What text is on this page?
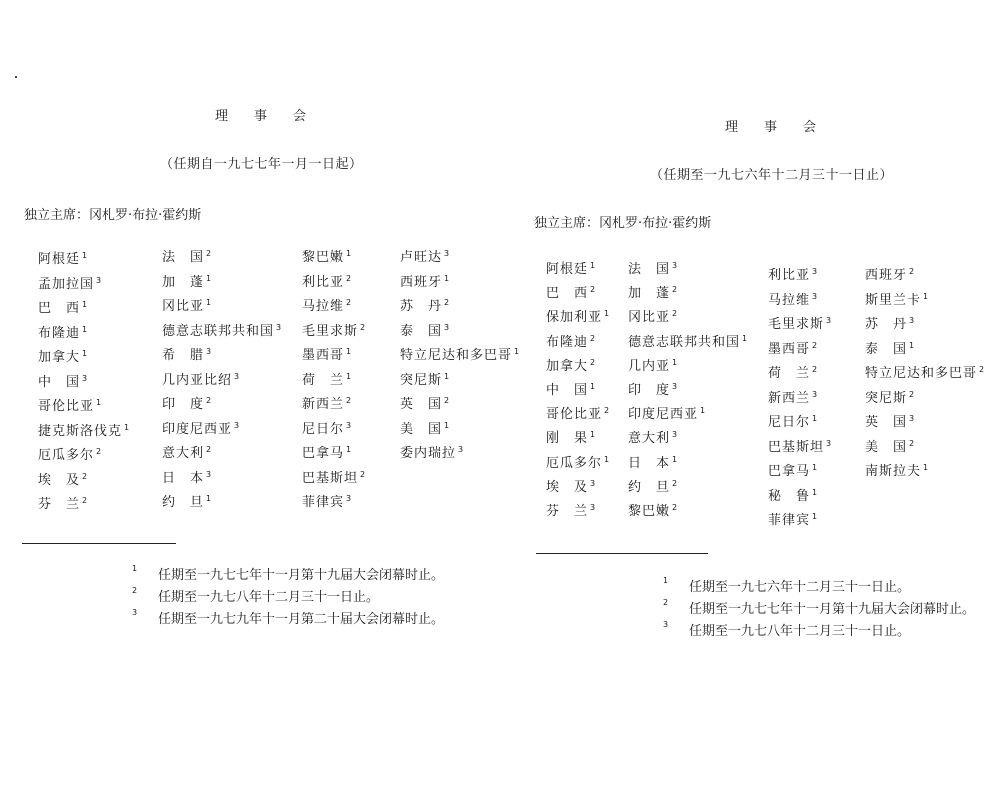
理事会
（任期自一九七七年一月一日起）
独立主席：冈札罗·布拉·霍约斯
阿根廷 $^1$
孟加拉国 $^3$
巴　西 $^1$
布隆迪 $^1$
加拿大 $^1$
中　国 $^3$
哥伦比亚 $^1$
捷克斯洛伐克 $^1$
厄瓜多尔 $^2$
埃　及 $^2$
芬　兰 $^2$
法　国 $^2$
加　蓬 $^1$
冈比亚 $^1$
德意志联邦共和国 $^3$
希　腊 $^3$
几内亚比绍 $^3$
印　度 $^2$
印度尼西亚 $^3$
意大利 $^2$
日　本 $^3$
约　旦 $^1$
黎巴嫩 $^1$
利比亚 $^2$
马拉维 $^2$
毛里求斯 $^2$
墨西哥 $^1$
荷　兰 $^1$
新西兰 $^2$
尼日尔 $^3$
巴拿马 $^1$
巴基斯坦 $^2$
菲律宾 $^3$
卢旺达 $^3$
西班牙 $^1$
苏　丹 $^2$
泰　国 $^3$
特立尼达和多巴哥 $^1$
突尼斯 $^1$
英　国 $^2$
美　国 $^1$
委内瑞拉 $^3$
1 任期至一九七七年十一月第十九届大会闭幕时止。
2 任期至一九七八年十二月三十一日止。
3 任期至一九七九年十一月第二十届大会闭幕时止。
理事会
（任期至一九七六年十二月三十一日止）
独立主席：冈札罗·布拉·霍约斯
阿根廷 $^1$
巴　西 $^2$
保加利亚 $^1$
布隆迪 $^2$
加拿大 $^2$
中　国 $^1$
哥伦比亚 $^2$
刚　果 $^1$
厄瓜多尔 $^1$
埃　及 $^3$
芬　兰 $^3$
法　国 $^3$
加　蓬 $^2$
冈比亚 $^2$
德意志联邦共和国 $^1$
几内亚 $^1$
印　度 $^3$
印度尼西亚 $^1$
意大利 $^3$
日　本 $^1$
约　旦 $^2$
黎巴嫩 $^2$
利比亚 $^3$
马拉维 $^3$
毛里求斯 $^3$
墨西哥 $^2$
荷　兰 $^2$
新西兰 $^3$
尼日尔 $^1$
巴基斯坦 $^3$
巴拿马 $^1$
秘　鲁 $^1$
菲律宾 $^1$
西班牙 $^2$
斯里兰卡 $^1$
苏　丹 $^3$
泰　国 $^1$
特立尼达和多巴哥 $^2$
突尼斯 $^2$
英　国 $^3$
美　国 $^2$
南斯拉夫 $^1$
1 任期至一九七六年十二月三十一日止。
2 任期至一九七七年十一月第十九届大会闭幕时止。
3 任期至一九七八年十二月三十一日止。
